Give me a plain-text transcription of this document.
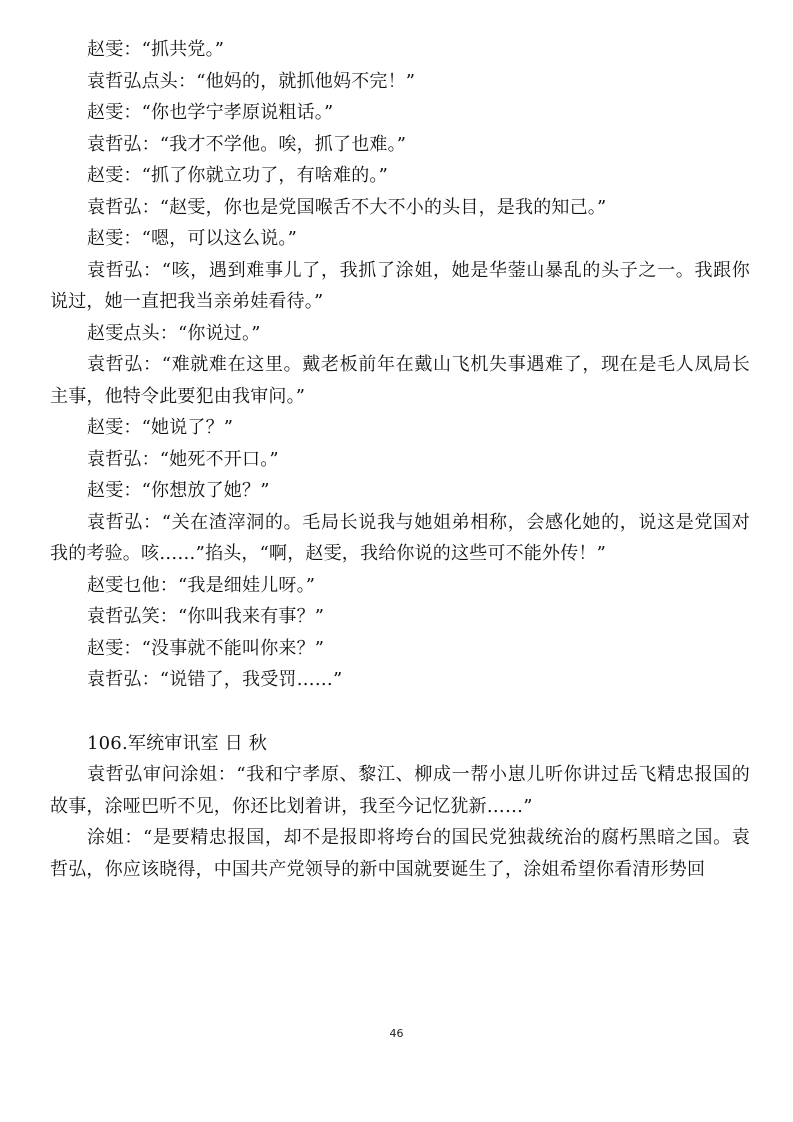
赵雯：“抓共党。”

袁哲弘点头：“他妈的，就抓他妈不完！”

赵雯：“你也学宁孝原说粗话。”

袁哲弘：“我才不学他。唉，抓了也难。”

赵雯：“抓了你就立功了，有啥难的。”

袁哲弘：“赵雯，你也是党国喉舌不大不小的头目，是我的知己。”

赵雯：“嗯，可以这么说。”

袁哲弘：“咳，遇到难事儿了，我抓了涂姐，她是华蓥山暴乱的头子之一。我跟你说过，她一直把我当亲弟娃看待。”

赵雯点头：“你说过。”

袁哲弘：“难就难在这里。戴老板前年在戴山飞机失事遇难了，现在是毛人凤局长主事，他特令此要犯由我审问。”

赵雯：“她说了？”

袁哲弘：“她死不开口。”

赵雯：“你想放了她？”

袁哲弘：“关在渣滓洞的。毛局长说我与她姐弟相称，会感化她的，说这是党国对我的考验。咳……”掐头，“啊，赵雯，我给你说的这些可不能外传！”

赵雯乜他：“我是细娃儿呀。”

袁哲弘笑：“你叫我来有事？”

赵雯：“没事就不能叫你来？”

袁哲弘：“说错了，我受罚……”

106.军统审讯室 日 秋

袁哲弘审问涂姐：“我和宁孝原、黎江、柳成一帮小崽儿听你讲过岳飞精忠报国的故事，涂哑巴听不见，你还比划着讲，我至今记忆犹新……”

涂姐：“是要精忠报国，却不是报即将垮台的国民党独裁统治的腐朽黑暗之国。袁哲弘，你应该晓得，中国共产党领导的新中国就要诞生了，涂姐希望你看清形势回

46
